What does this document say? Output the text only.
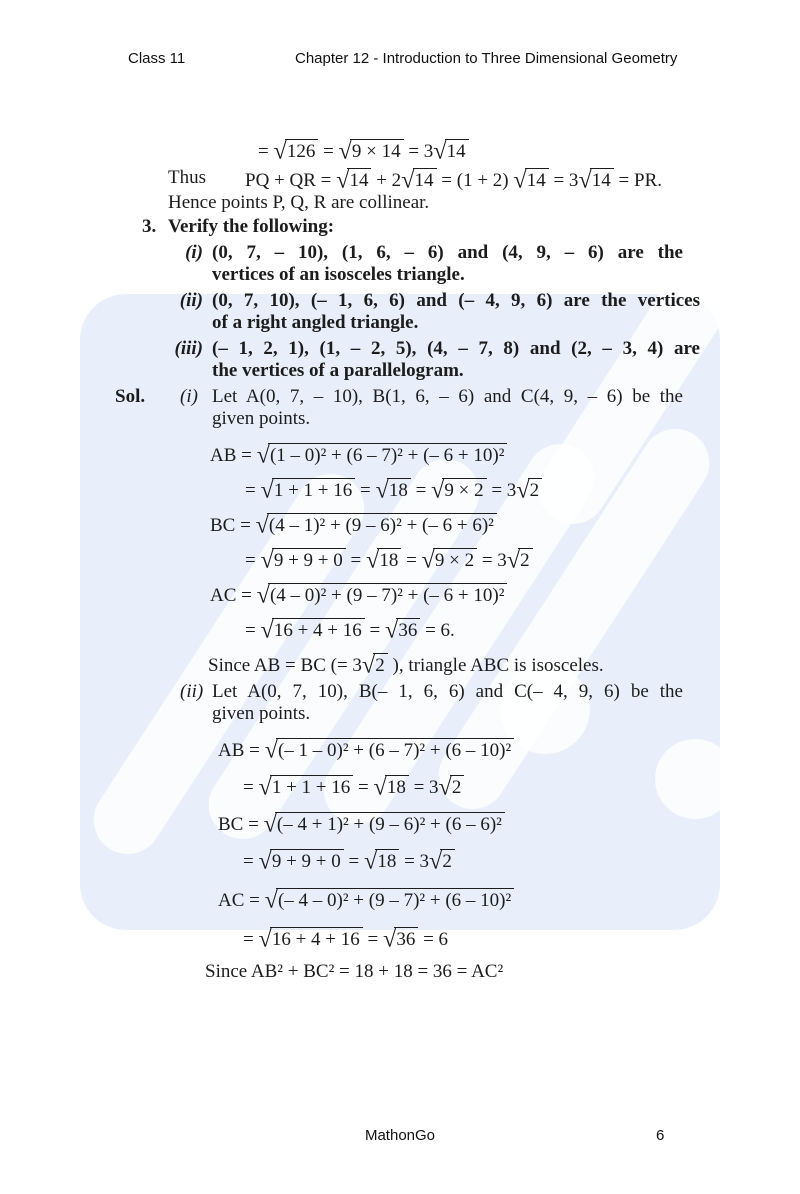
Class 11	Chapter 12 - Introduction to Three Dimensional Geometry
= √126 = √9 × 14 = 3√14
Thus	PQ + QR = √14 + 2√14 = (1 + 2) √14 = 3√14 = PR.
Hence points P, Q, R are collinear.
3. Verify the following:
(i) (0, 7, – 10), (1, 6, – 6) and (4, 9, – 6) are the
vertices of an isosceles triangle.
(ii) (0, 7, 10), (– 1, 6, 6) and (– 4, 9, 6) are the vertices
of a right angled triangle.
(iii) (– 1, 2, 1), (1, – 2, 5), (4, – 7, 8) and (2, – 3, 4) are
the vertices of a parallelogram.
Sol.	(i) Let A(0, 7, – 10), B(1, 6, – 6) and C(4, 9, – 6) be the
given points.
AB = √(1 – 0)² + (6 – 7)² + (– 6 + 10)²
= √1 + 1 + 16 = √18 = √9 × 2 = 3√2
BC = √(4 – 1)² + (9 – 6)² + (– 6 + 6)²
= √9 + 9 + 0 = √18 = √9 × 2 = 3√2
AC = √(4 – 0)² + (9 – 7)² + (– 6 + 10)²
= √16 + 4 + 16 = √36 = 6.
Since AB = BC (= 3√2 ), triangle ABC is isosceles.
(ii) Let A(0, 7, 10), B(– 1, 6, 6) and C(– 4, 9, 6) be the
given points.
AB = √(– 1 – 0)² + (6 – 7)² + (6 – 10)²
= √1 + 1 + 16 = √18 = 3√2
BC = √(– 4 + 1)² + (9 – 6)² + (6 – 6)²
= √9 + 9 + 0 = √18 = 3√2
AC = √(– 4 – 0)² + (9 – 7)² + (6 – 10)²
= √16 + 4 + 16 = √36 = 6
Since AB² + BC² = 18 + 18 = 36 = AC²
MathonGo	6
